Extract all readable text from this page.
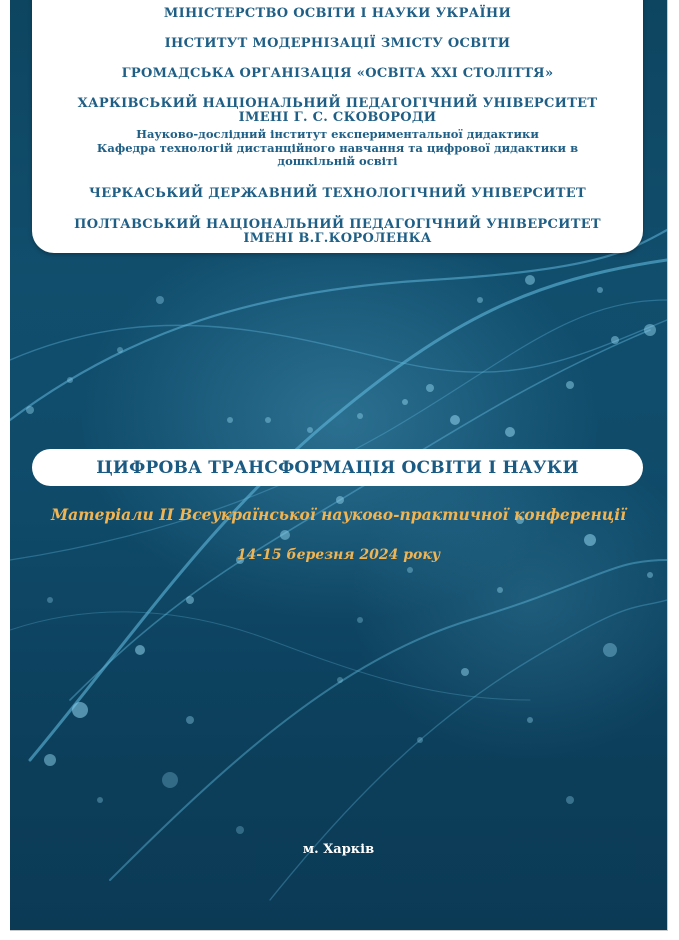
МІНІСТЕРСТВО ОСВІТИ І НАУКИ УКРАЇНИ
ІНСТИТУТ МОДЕРНІЗАЦІЇ ЗМІСТУ ОСВІТИ
ГРОМАДСЬКА ОРГАНІЗАЦІЯ «ОСВІТА ХХІ СТОЛІТТЯ»
ХАРКІВСЬКИЙ НАЦІОНАЛЬНИЙ ПЕДАГОГІЧНИЙ УНІВЕРСИТЕТ
ІМЕНІ Г. С. СКОВОРОДИ
Науково-дослідний інститут експериментальної дидактики
Кафедра технологій дистанційного навчання та цифрової дидактики в
дошкільній освіті
ЧЕРКАСЬКИЙ ДЕРЖАВНИЙ ТЕХНОЛОГІЧНИЙ УНІВЕРСИТЕТ
ПОЛТАВСЬКИЙ НАЦІОНАЛЬНИЙ ПЕДАГОГІЧНИЙ УНІВЕРСИТЕТ
ІМЕНІ В.Г.КОРОЛЕНКА
ЦИФРОВА ТРАНСФОРМАЦІЯ ОСВІТИ І НАУКИ
Матеріали ІІ Всеукраїнської науково-практичної конференції
14-15 березня 2024 року
м. Харків
